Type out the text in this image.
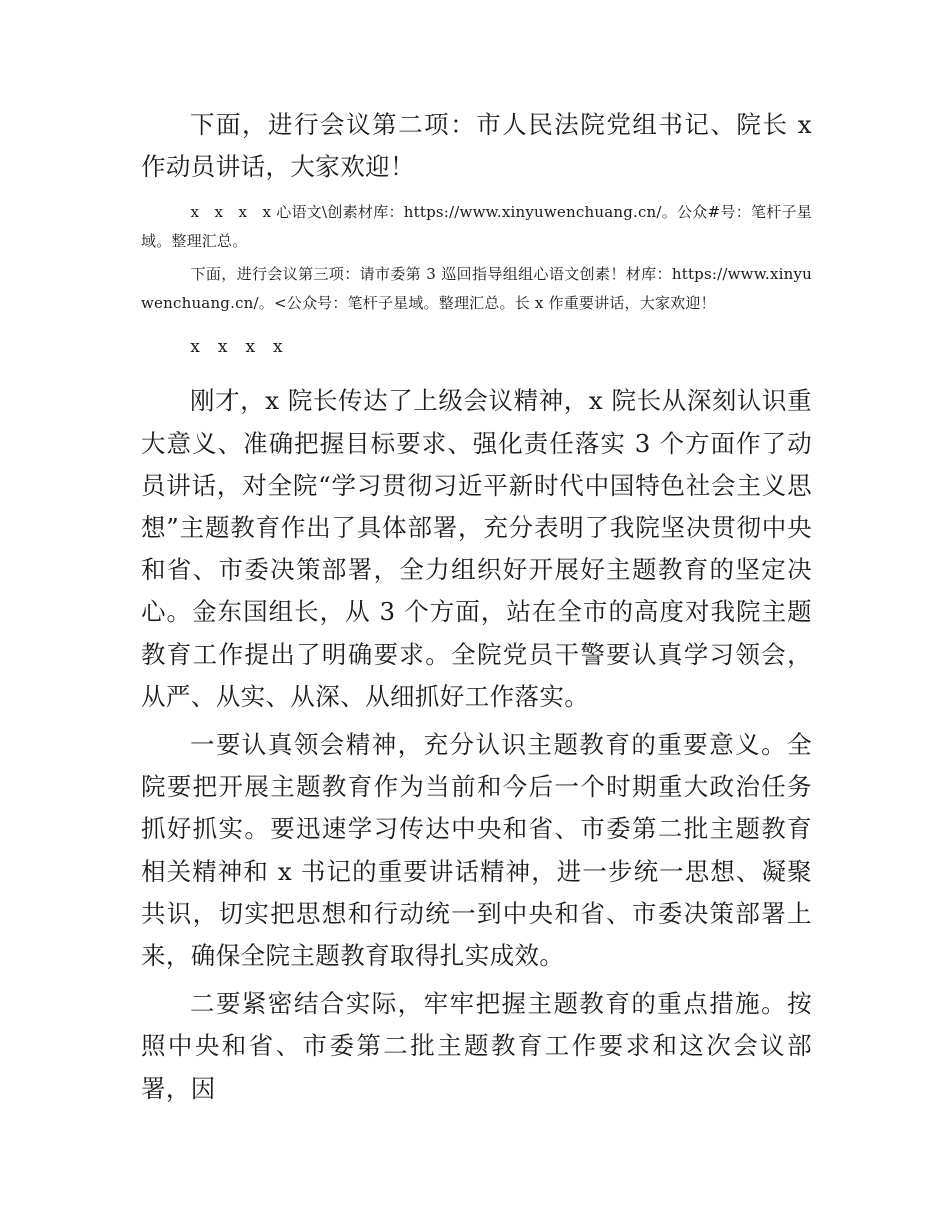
下面，进行会议第二项：市人民法院党组书记、院长 x 作动员讲话，大家欢迎！

x　x　x　x 心语文\创素材库：https://www.xinyuwenchuang.cn/。公众#号：笔杆子星域。整理汇总。

下面，进行会议第三项：请市委第 3 巡回指导组组心语文创素！材库：https://www.xinyuwenchuang.cn/。<公众号：笔杆子星域。整理汇总。长 x 作重要讲话，大家欢迎！

x　x　x　x

刚才，x 院长传达了上级会议精神，x 院长从深刻认识重大意义、准确把握目标要求、强化责任落实 3 个方面作了动员讲话，对全院“学习贯彻习近平新时代中国特色社会主义思想”主题教育作出了具体部署，充分表明了我院坚决贯彻中央和省、市委决策部署，全力组织好开展好主题教育的坚定决心。金东国组长，从 3 个方面，站在全市的高度对我院主题教育工作提出了明确要求。全院党员干警要认真学习领会，从严、从实、从深、从细抓好工作落实。

一要认真领会精神，充分认识主题教育的重要意义。全院要把开展主题教育作为当前和今后一个时期重大政治任务抓好抓实。要迅速学习传达中央和省、市委第二批主题教育相关精神和 x 书记的重要讲话精神，进一步统一思想、凝聚共识，切实把思想和行动统一到中央和省、市委决策部署上来，确保全院主题教育取得扎实成效。

二要紧密结合实际，牢牢把握主题教育的重点措施。按照中央和省、市委第二批主题教育工作要求和这次会议部署，因
